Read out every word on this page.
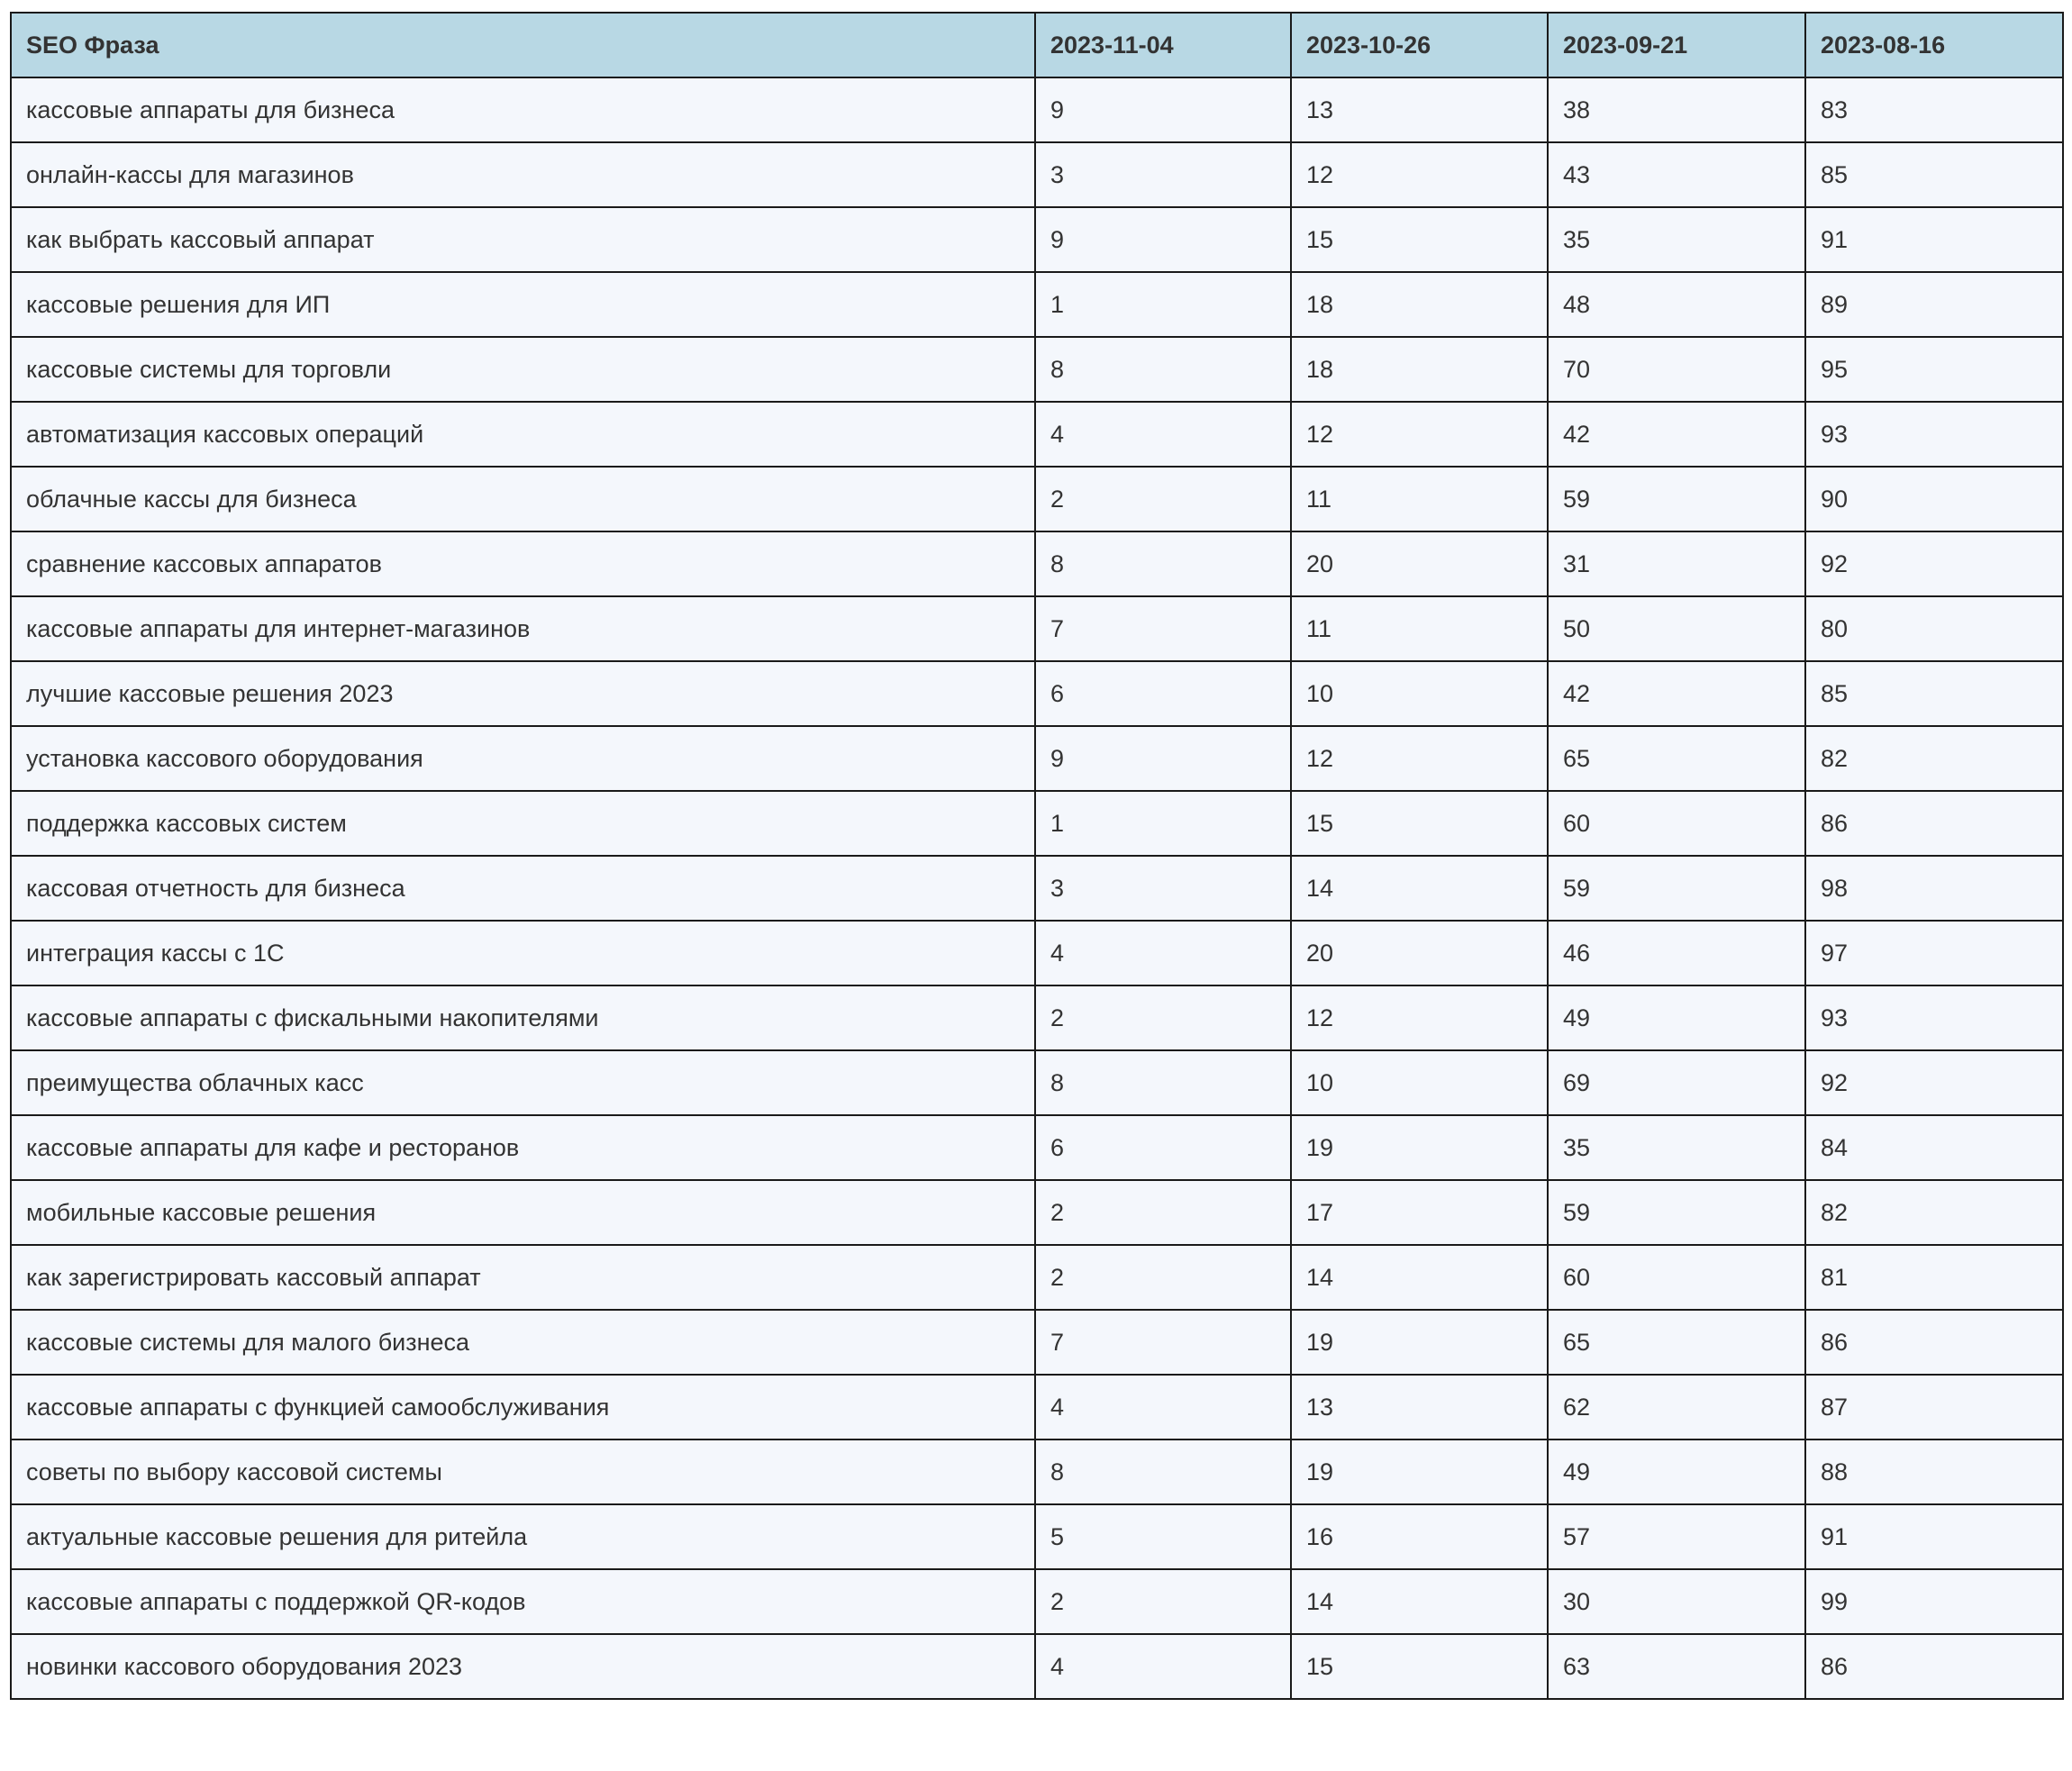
SEO Фраза	2023-11-04	2023-10-26	2023-09-21	2023-08-16
кассовые аппараты для бизнеса	9	13	38	83
онлайн-кассы для магазинов	3	12	43	85
как выбрать кассовый аппарат	9	15	35	91
кассовые решения для ИП	1	18	48	89
кассовые системы для торговли	8	18	70	95
автоматизация кассовых операций	4	12	42	93
облачные кассы для бизнеса	2	11	59	90
сравнение кассовых аппаратов	8	20	31	92
кассовые аппараты для интернет-магазинов	7	11	50	80
лучшие кассовые решения 2023	6	10	42	85
установка кассового оборудования	9	12	65	82
поддержка кассовых систем	1	15	60	86
кассовая отчетность для бизнеса	3	14	59	98
интеграция кассы с 1С	4	20	46	97
кассовые аппараты с фискальными накопителями	2	12	49	93
преимущества облачных касс	8	10	69	92
кассовые аппараты для кафе и ресторанов	6	19	35	84
мобильные кассовые решения	2	17	59	82
как зарегистрировать кассовый аппарат	2	14	60	81
кассовые системы для малого бизнеса	7	19	65	86
кассовые аппараты с функцией самообслуживания	4	13	62	87
советы по выбору кассовой системы	8	19	49	88
актуальные кассовые решения для ритейла	5	16	57	91
кассовые аппараты с поддержкой QR-кодов	2	14	30	99
новинки кассового оборудования 2023	4	15	63	86
